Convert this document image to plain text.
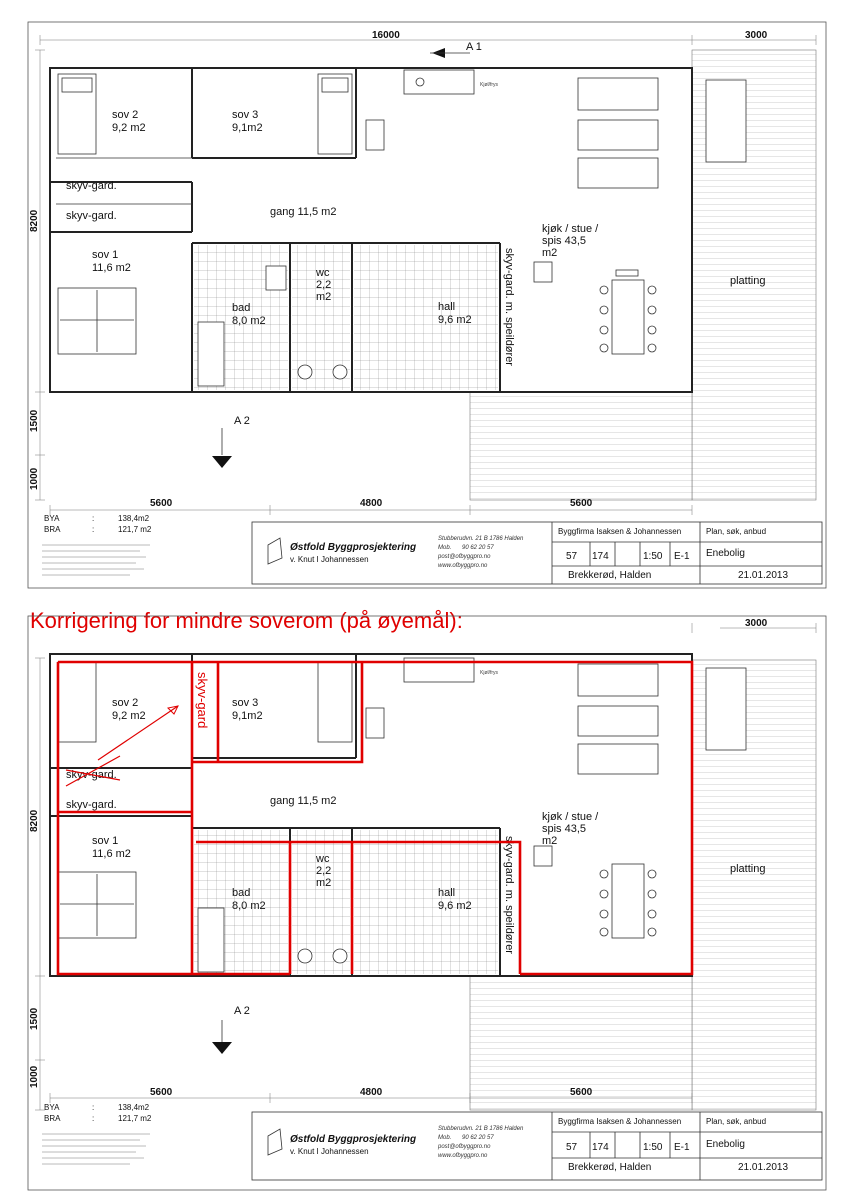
16000	3000
8200
1500
1000
5600	4800	5600
sov 2 9,2 m2
sov 3 9,1m2
skyv-gard.
skyv-gard.
sov 1 11,6 m2
gang 11,5 m2
kjøk / stue / spis 43,5 m2
bad 8,0 m2
wc 2,2 m2
hall 9,6 m2	skyv-gard. m. speildører	platting
Kjøl/frys
A 1
A 2
BYA	:	138,4m2
BRA	:	121,7 m2
Østfold Byggprosjektering
v. Knut I Johannessen
Stubberudvn. 21 B 1786 Halden
Mob. 90 62 20 57
post@ofbyggpro.no
www.ofbyggpro.no
Byggfirma Isaksen & Johannessen	Plan, søk, anbud
57 174	1:50 E-1 Enebolig
Brekkerød, Halden	21.01.2013
Korrigering for mindre soverom (på øyemål):	3000
8200
1500
1000
5600	4800	5600
sov 2 9,2 m2
sov 3 9,1m2
skyv-gard.
skyv-gard.
sov 1 11,6 m2
gang 11,5 m2
kjøk / stue / spis 43,5 m2
bad 8,0 m2
wc 2,2 m2
hall 9,6 m2	skyv-gard. m. speildører	platting
Kjøl/frys
A 2
skyv-gard
BYA	:	138,4m2
BRA	:	121,7 m2
Østfold Byggprosjektering
v. Knut I Johannessen
Stubberudvn. 21 B 1786 Halden
Mob. 90 62 20 57
post@ofbyggpro.no
www.ofbyggpro.no
Byggfirma Isaksen & Johannessen	Plan, søk, anbud
57 174	1:50 E-1 Enebolig
Brekkerød, Halden	21.01.2013
